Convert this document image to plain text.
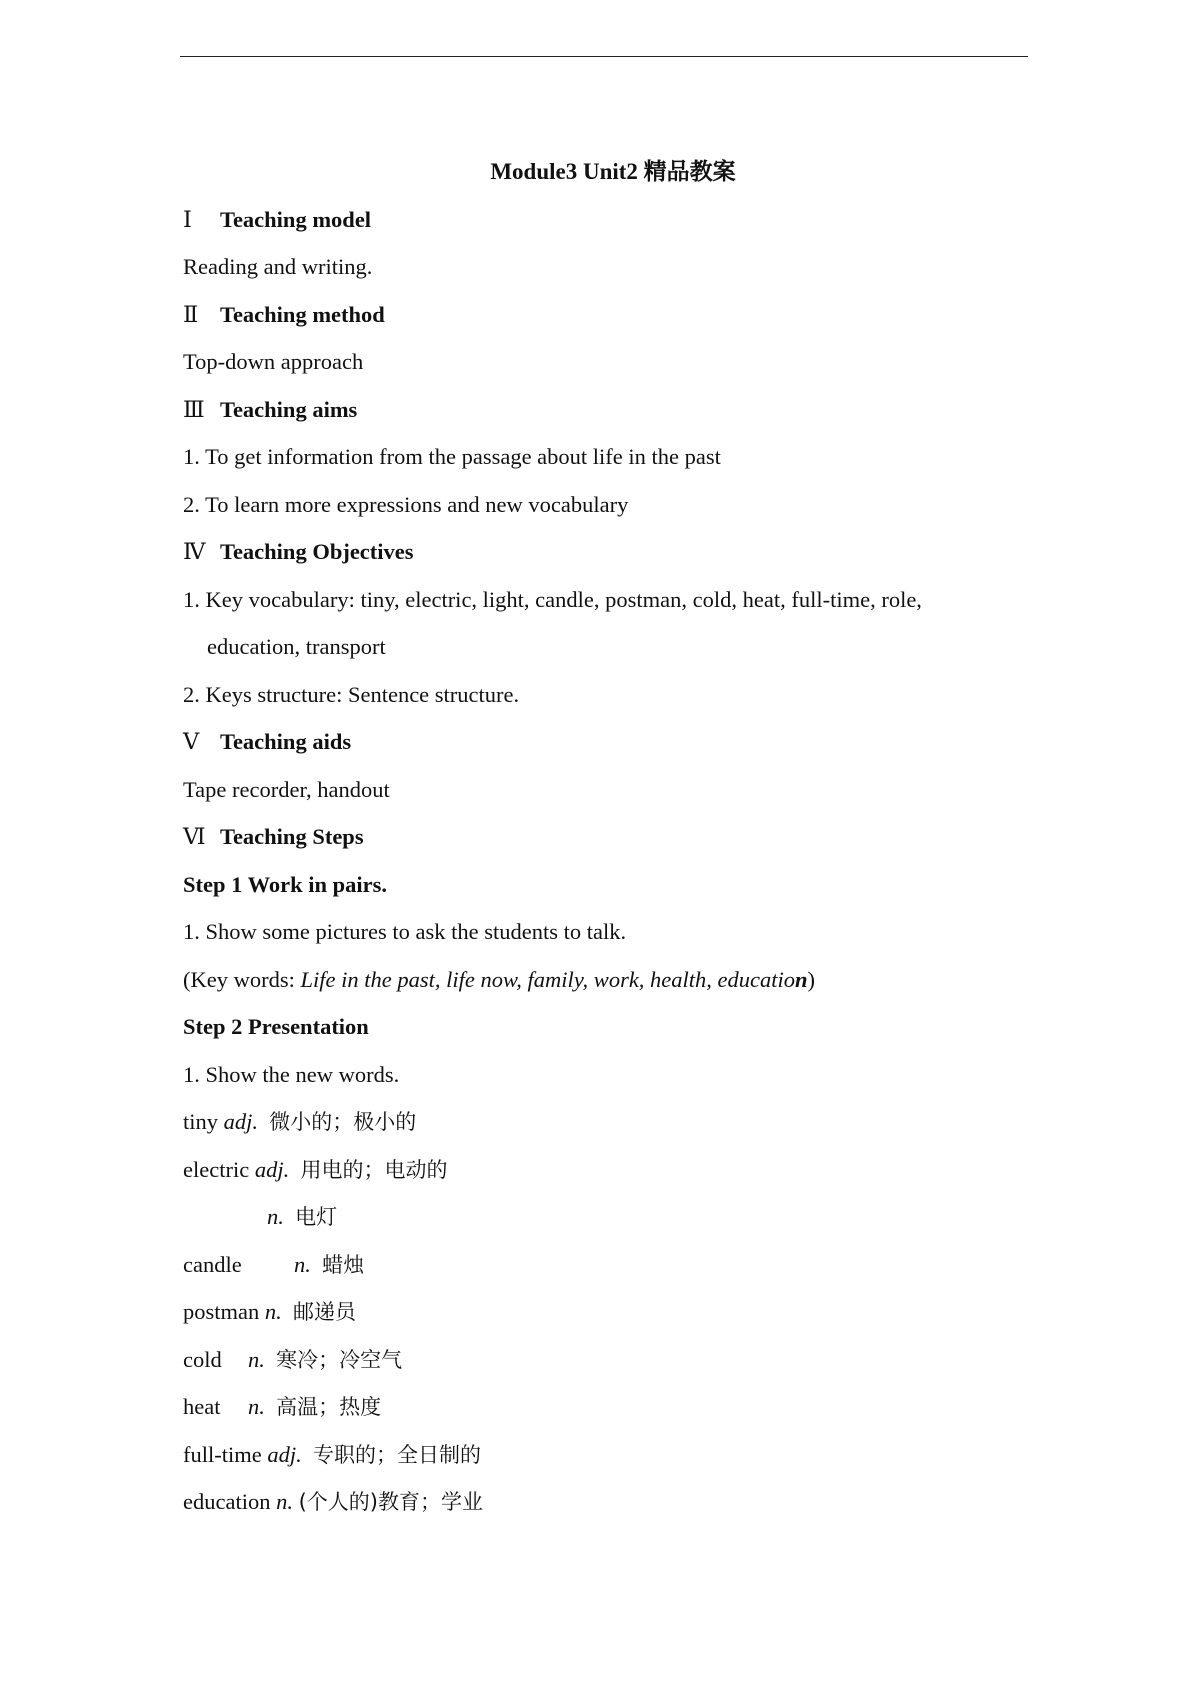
Module3 Unit2 精品教案
Ⅰ Teaching model
Reading and writing.
Ⅱ Teaching method
Top-down approach
Ⅲ Teaching aims
1. To get information from the passage about life in the past
2. To learn more expressions and new vocabulary
Ⅳ Teaching Objectives
1. Key vocabulary: tiny, electric, light, candle, postman, cold, heat, full-time, role,
education, transport
2. Keys structure: Sentence structure.
Ⅴ Teaching aids
Tape recorder, handout
Ⅵ Teaching Steps
Step 1 Work in pairs.
1. Show some pictures to ask the students to talk.
(Key words: Life in the past, life now, family, work, health, education)
Step 2 Presentation
1. Show the new words.
tiny adj. 微小的；极小的
electric adj. 用电的；电动的
n. 电灯
candle n. 蜡烛
postman n. 邮递员
cold n. 寒冷；冷空气
heat n. 高温；热度
full-time adj. 专职的；全日制的
education n. (个人的)教育；学业
